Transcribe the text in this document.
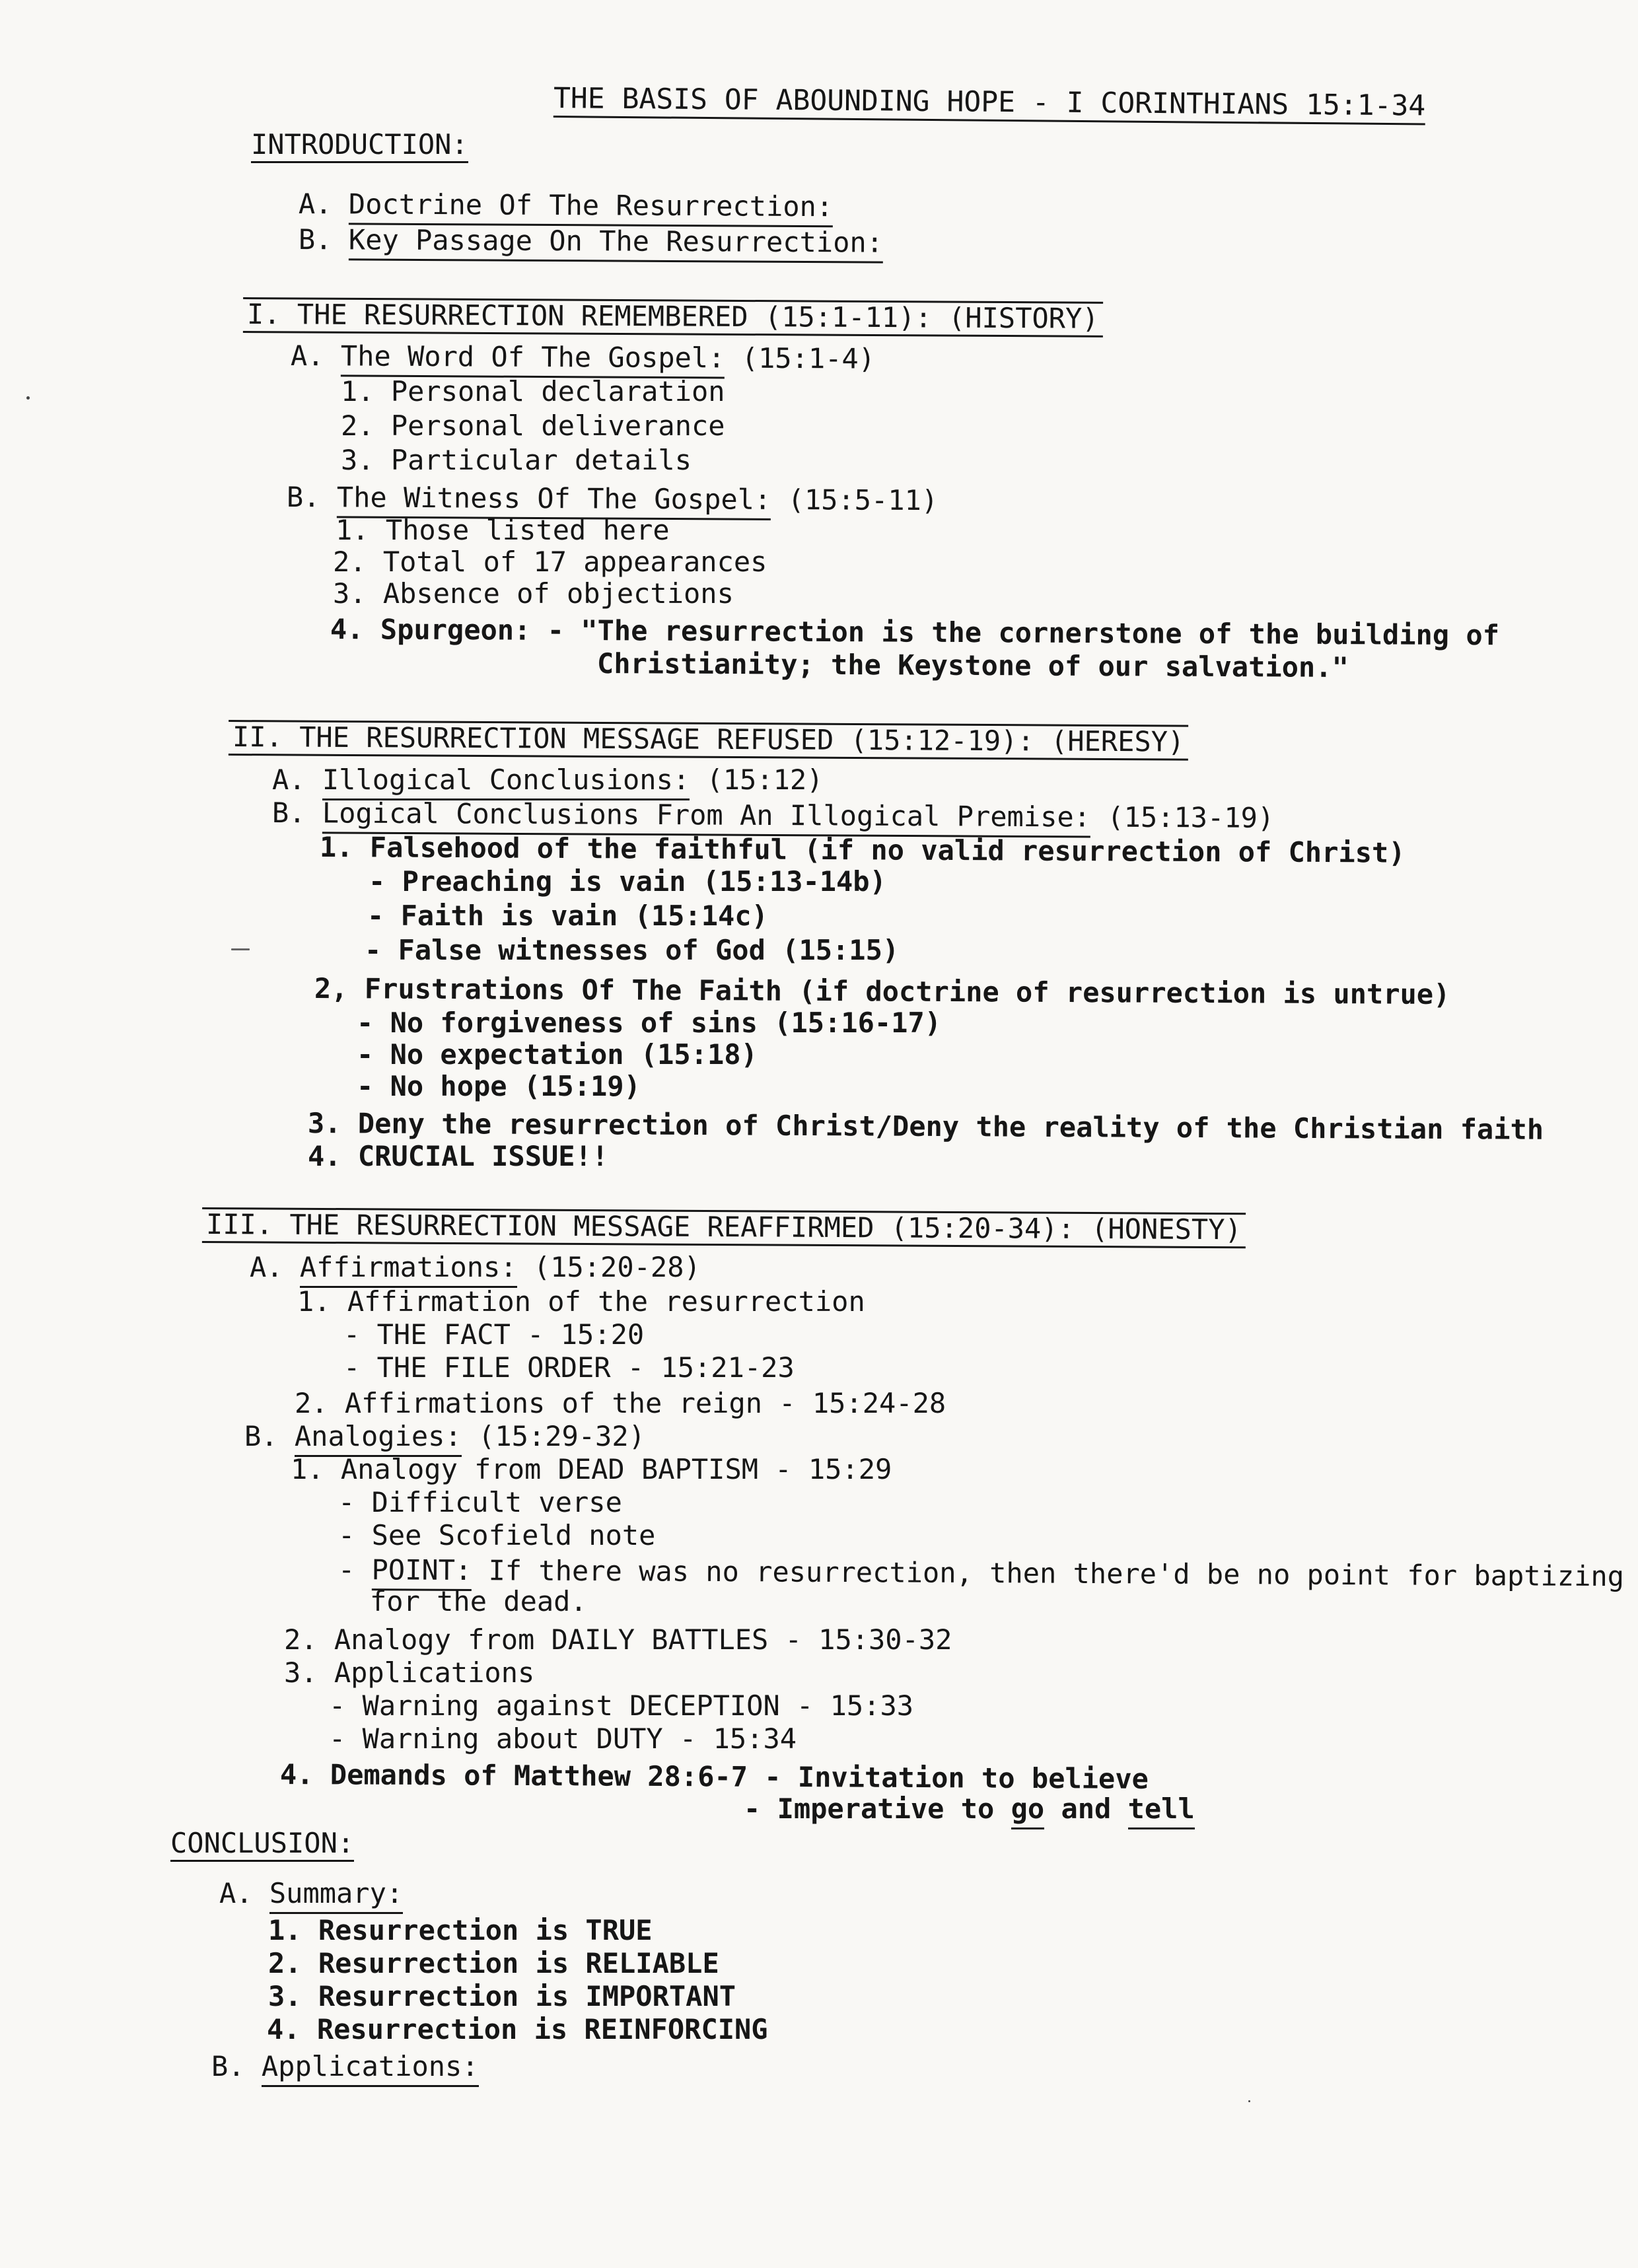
THE BASIS OF ABOUNDING HOPE - I CORINTHIANS 15:1-34
INTRODUCTION:
A. Doctrine Of The Resurrection:
B. Key Passage On The Resurrection:
I. THE RESURRECTION REMEMBERED (15:1-11): (HISTORY)
A. The Word Of The Gospel: (15:1-4)
1. Personal declaration
2. Personal deliverance
3. Particular details
B. The Witness Of The Gospel: (15:5-11)
1. Those listed here
2. Total of 17 appearances
3. Absence of objections
4. Spurgeon: - "The resurrection is the cornerstone of the building of
Christianity; the Keystone of our salvation."
II. THE RESURRECTION MESSAGE REFUSED (15:12-19): (HERESY)
A. Illogical Conclusions: (15:12)
B. Logical Conclusions From An Illogical Premise: (15:13-19)
1. Falsehood of the faithful (if no valid resurrection of Christ)
- Preaching is vain (15:13-14b)
- Faith is vain (15:14c)
- False witnesses of God (15:15)
2, Frustrations Of The Faith (if doctrine of resurrection is untrue)
- No forgiveness of sins (15:16-17)
- No expectation (15:18)
- No hope (15:19)
3. Deny the resurrection of Christ/Deny the reality of the Christian faith
4. CRUCIAL ISSUE!!
III. THE RESURRECTION MESSAGE REAFFIRMED (15:20-34): (HONESTY)
A. Affirmations: (15:20-28)
1. Affirmation of the resurrection
- THE FACT - 15:20
- THE FILE ORDER - 15:21-23
2. Affirmations of the reign - 15:24-28
B. Analogies: (15:29-32)
1. Analogy from DEAD BAPTISM - 15:29
- Difficult verse
- See Scofield note
- POINT: If there was no resurrection, then there'd be no point for baptizing
for the dead.
2. Analogy from DAILY BATTLES - 15:30-32
3. Applications
- Warning against DECEPTION - 15:33
- Warning about DUTY - 15:34
4. Demands of Matthew 28:6-7 - Invitation to believe
- Imperative to go and tell
CONCLUSION:
A. Summary:
1. Resurrection is TRUE
2. Resurrection is RELIABLE
3. Resurrection is IMPORTANT
4. Resurrection is REINFORCING
B. Applications:
